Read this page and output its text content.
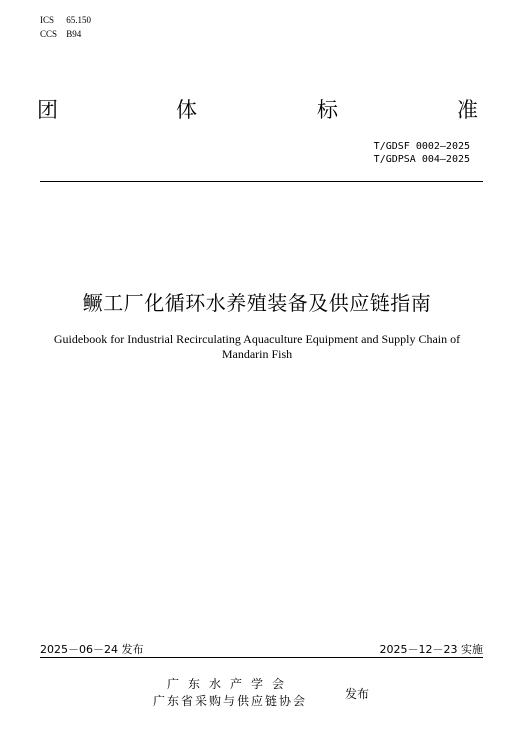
ICS 65.150
CCS B94
团	体	标	准
T/GDSF 0002—2025
T/GDPSA 004—2025
鳜工厂化循环水养殖装备及供应链指南
Guidebook for Industrial Recirculating Aquaculture Equipment and Supply Chain of
Mandarin Fish
2025－06－24 发布	2025－12－23 实施
广东水产学会
广东省采购与供应链协会	发布
